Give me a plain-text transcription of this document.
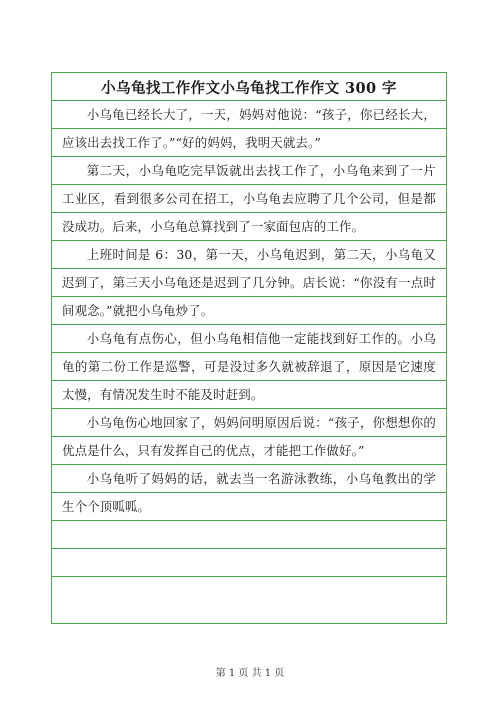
小乌龟找工作作文小乌龟找工作作文 300 字

小乌龟已经长大了，一天，妈妈对他说：“孩子，你已经长大，应该出去找工作了。”“好的妈妈，我明天就去。”

第二天，小乌龟吃完早饭就出去找工作了，小乌龟来到了一片工业区，看到很多公司在招工，小乌龟去应聘了几个公司，但是都没成功。后来，小乌龟总算找到了一家面包店的工作。

上班时间是 6：30，第一天，小乌龟迟到，第二天，小乌龟又迟到了，第三天小乌龟还是迟到了几分钟。店长说：“你没有一点时间观念。”就把小乌龟炒了。

小乌龟有点伤心，但小乌龟相信他一定能找到好工作的。小乌龟的第二份工作是巡警，可是没过多久就被辞退了，原因是它速度太慢，有情况发生时不能及时赶到。

小乌龟伤心地回家了，妈妈问明原因后说：“孩子，你想想你的优点是什么，只有发挥自己的优点，才能把工作做好。”

小乌龟听了妈妈的话，就去当一名游泳教练，小乌龟教出的学生个个顶呱呱。

第 1 页 共 1 页
